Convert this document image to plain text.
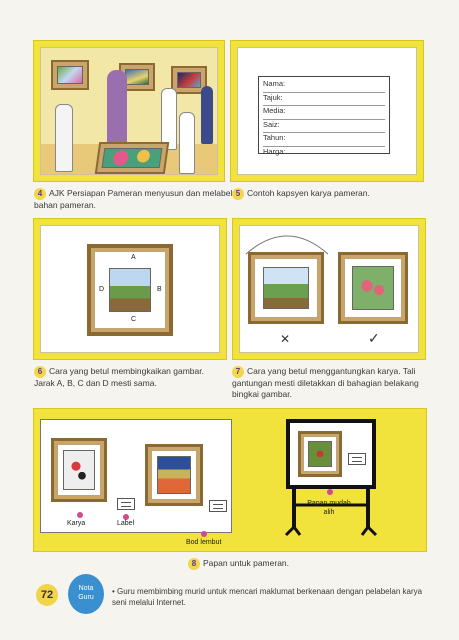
4 AJK Persiapan Pameran menyusun dan melabel bahan pameran.
Nama:
Tajuk:
Media:
Saiz:
Tahun:
Harga:
5 Contoh kapsyen karya pameran.
A
B
C
D
6 Cara yang betul membingkaikan gambar. Jarak A, B, C dan D mesti sama.
✕	✓
7 Cara yang betul menggantungkan karya. Tali gantungan mesti diletakkan di bahagian belakang bingkai gambar.
Karya	Label
Bod lembut
Papan mudah alih
8 Papan untuk pameran.
72
Nota
Guru
• Guru membimbing murid untuk mencari maklumat berkenaan dengan pelabelan karya seni melalui Internet.
